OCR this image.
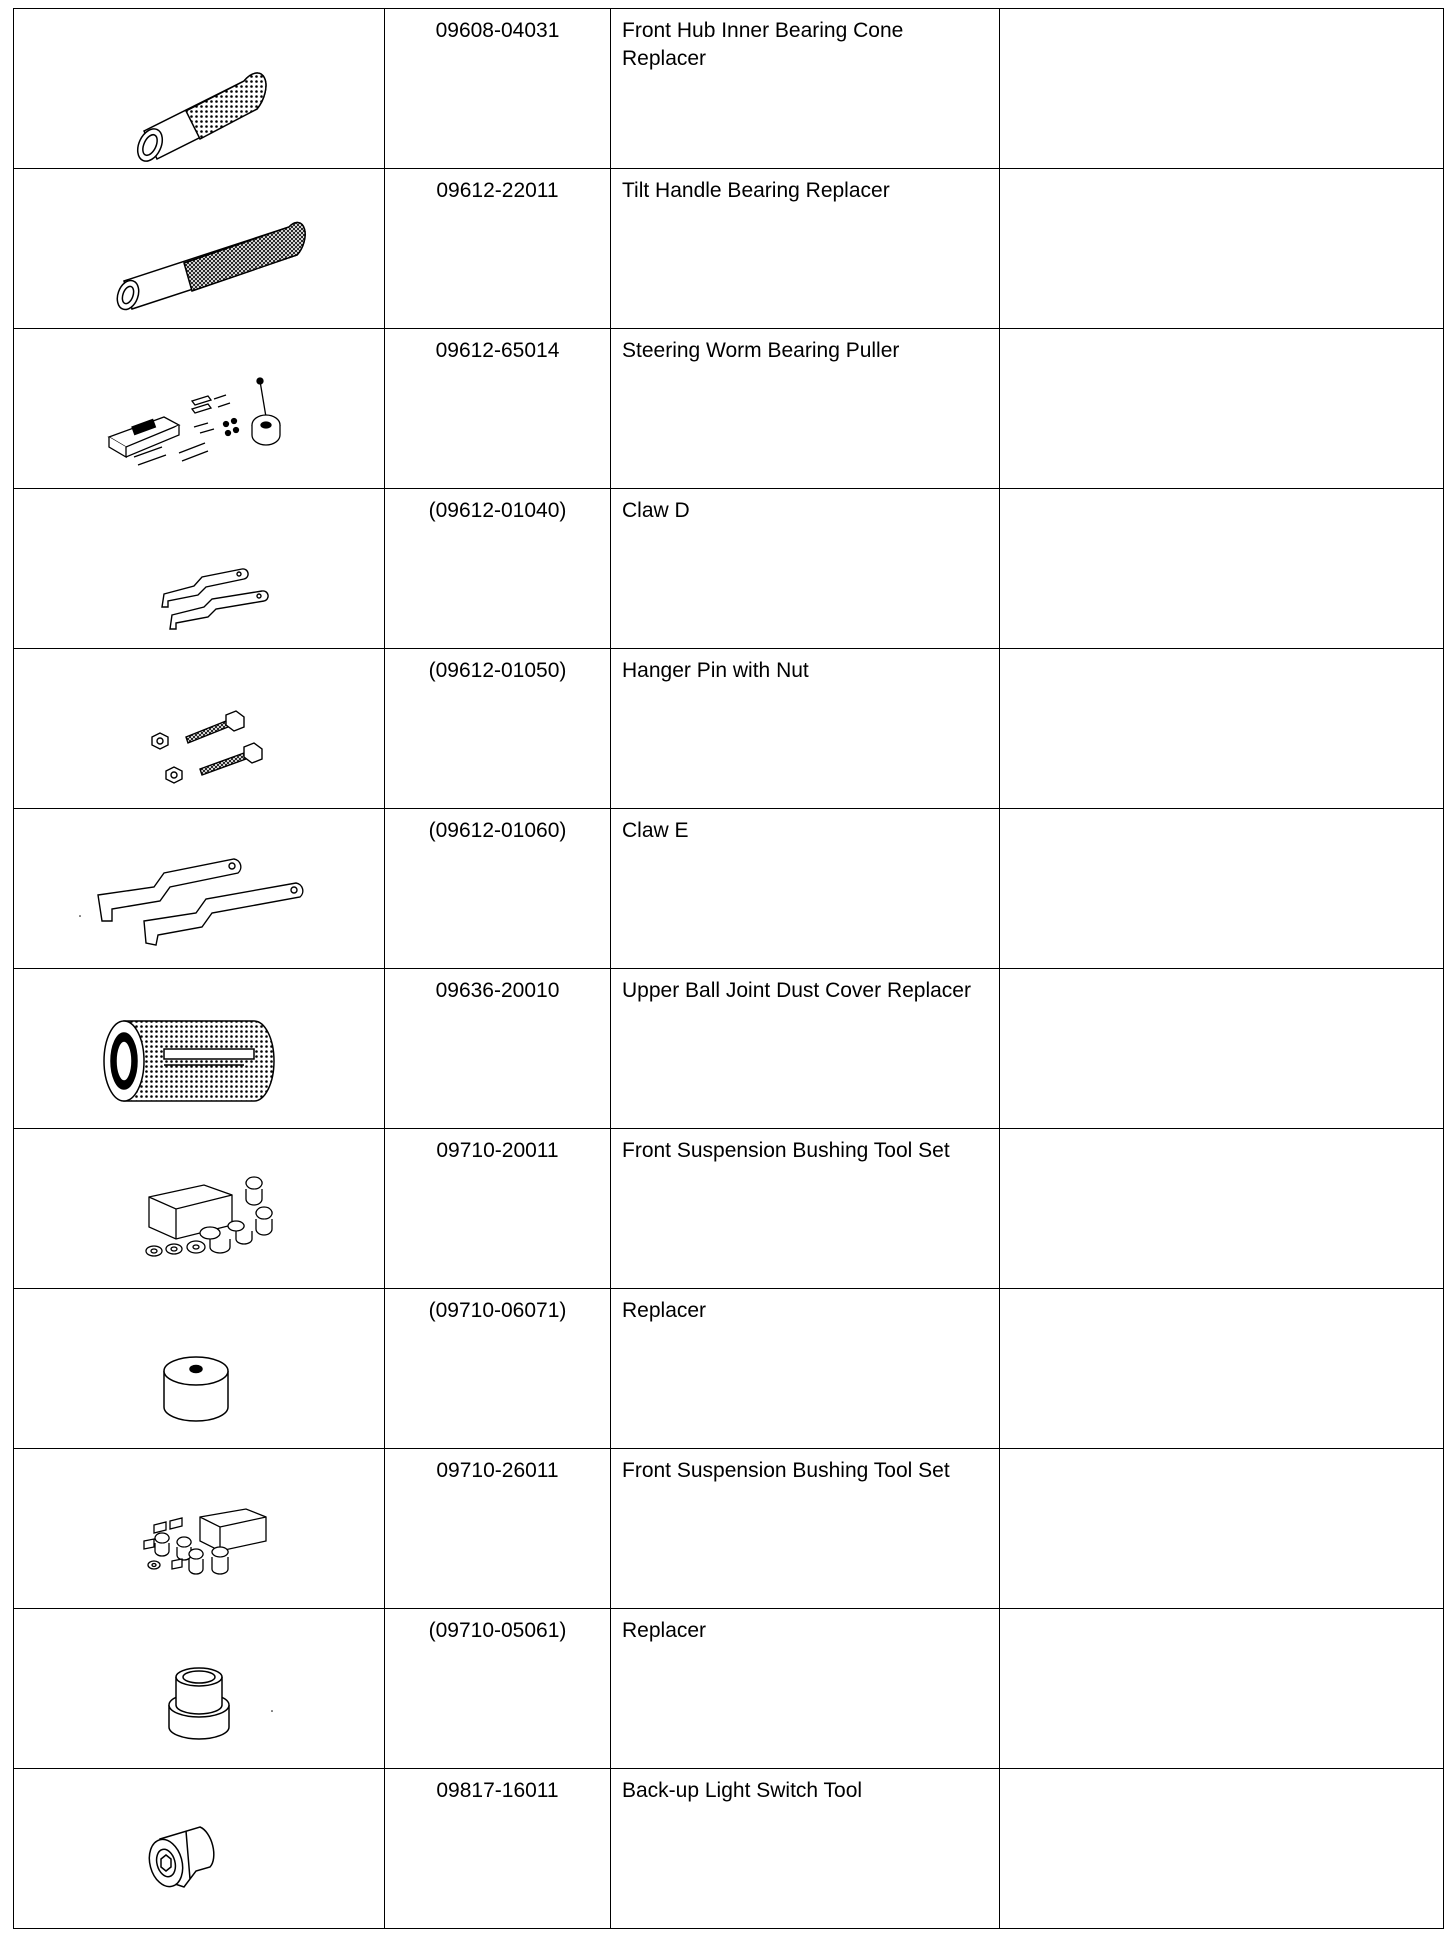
09608-04031	Front Hub Inner Bearing Cone Replacer	

09612-22011	Tilt Handle Bearing Replacer	

09612-65014	Steering Worm Bearing Puller	

(09612-01040)	Claw D	

(09612-01050)	Hanger Pin with Nut	

(09612-01060)	Claw E	

09636-20010	Upper Ball Joint Dust Cover Replacer	

09710-20011	Front Suspension Bushing Tool Set	

(09710-06071)	Replacer	

09710-26011	Front Suspension Bushing Tool Set	

(09710-05061)	Replacer	

09817-16011	Back-up Light Switch Tool	
